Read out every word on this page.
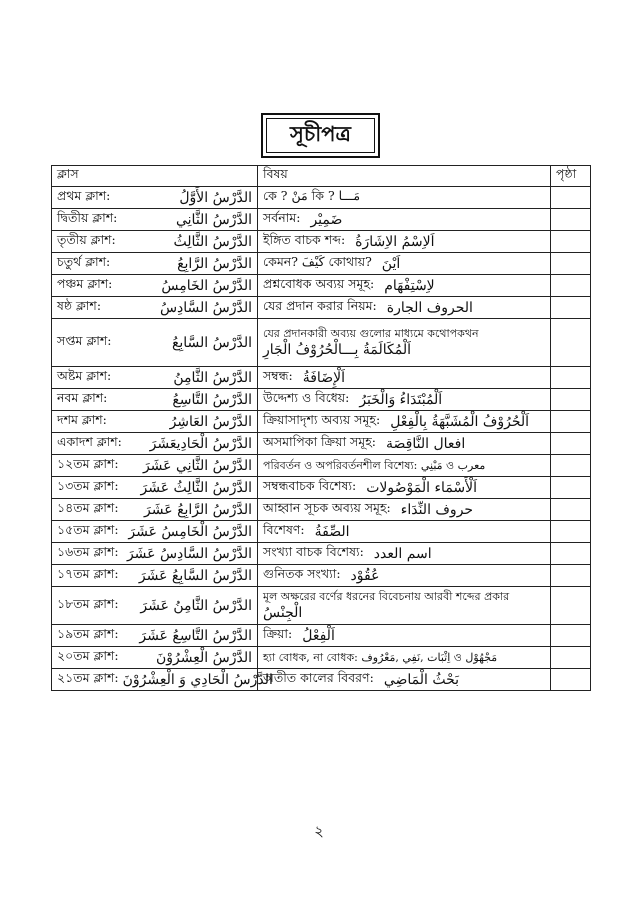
সূচীপত্র
ক্লাস	বিষয়	পৃষ্ঠা

প্রথম ক্লাশ: الدَّرْسُ الأَوَّلُ	কে ? مَنْ কি ? مَـــا	

দ্বিতীয় ক্লাশ: الدَّرْسُ الثَّانِي	সর্বনাম: ضَمِيْر	

তৃতীয় ক্লাশ: الدَّرْسُ الثَّالِثُ	ইঙ্গিত বাচক শব্দ: اَلاِسْمُ الاِشَارَةُ	

চতুর্থ ক্লাশ: الدَّرْسُ الرَّابِعُ	কেমন? كَيْفَ কোথায়? اَيْنَ	

পঞ্চম ক্লাশ: الدَّرْسُ الخَامِسُ	প্রশ্নবোধক অব্যয় সমূহ: لاِسْتِفْهَام	

ষষ্ঠ ক্লাশ: الدَّرْسُ السَّادِسُ	যের প্রদান করার নিয়ম: الحروف الجارة	

সপ্তম ক্লাশ: الدَّرْسُ السَّابِعُ	যের প্রদানকারী অব্যয় গুলোর মাধ্যমে কথোপকথন
اَلْمُكَالَمَةُ بِـــالْحُرُوْفُ الْجَارِ	

অষ্টম ক্লাশ: الدَّرْسُ الثَّامِنُ	সম্বন্ধ: اَلْإِضَافَةُ	

নবম ক্লাশ: الدَّرْسُ التَّاسِعُ	উদ্দেশ্য ও বিধেয়: اَلْمُبْتَدَاءُ وَالْخَبَرُ	

দশম ক্লাশ: الدَّرْسُ العَاشِرُ	ক্রিয়াসাদৃশ্য অব্যয় সমূহ: اَلْحُرُوْفُ الْمُشَبَّهَةُ بِالْفِعْلِ	

একাদশ ক্লাশ: الدَّرْسُ الْحَادِيعَشَرَ	অসমাপিকা ক্রিয়া সমূহ: افعال النَّاقِصَة	

১২তম ক্লাশ: الدَّرْسُ الثَّانِي عَشَرَ	পরিবর্তন ও অপরিবর্তনশীল বিশেষ্য: مَبْنِي ও معرب	

১৩তম ক্লাশ: الدَّرْسُ الثَّالِثُ عَشَرَ	সম্বন্ধবাচক বিশেষ্য: اَلْأَسْمَاء الْمَوْصُولات	

১৪তম ক্লাশ: الدَّرْسُ الرَّابِعُ عَشَرَ	আহ্বান সূচক অব্যয় সমূহ: حروف النِّدَاء	

১৫তম ক্লাশ: الدَّرْسُ الْخَامِسُ عَشَرَ	বিশেষণ: الصِّفَةُ	

১৬তম ক্লাশ: الدَّرْسُ السَّادِسُ عَشَرَ	সংখ্যা বাচক বিশেষ্য: اسم العدد	

১৭তম ক্লাশ: الدَّرْسُ السَّابِعُ عَشَرَ	গুনিতক সংখ্যা: عُقُوْد	

১৮তম ক্লাশ: الدَّرْسُ الثَّامِنُ عَشَرَ	মূল অক্ষরের বর্ণের ধরনের বিবেচনায় আরবী শব্দের প্রকার
الْجِنْسُ	

১৯তম ক্লাশ: الدَّرْسُ التَّاسِعُ عَشَرَ	ক্রিয়া: اَلْفِعْلُ	

২০তম ক্লাশ: الدَّرْسُ الْعِشْرُوْنَ	হ্যা বোধক, না বোধক: اِثْبَات ,نَفِي ,مَعْرُوف ও مَجْهُوْل	

২১তম ক্লাশ: الدَّرْسُ الْحَادِي وَ الْعِشْرُوْنَ	অতীত কালের বিবরণ: بَحْثُ الْمَاضِي	

২
